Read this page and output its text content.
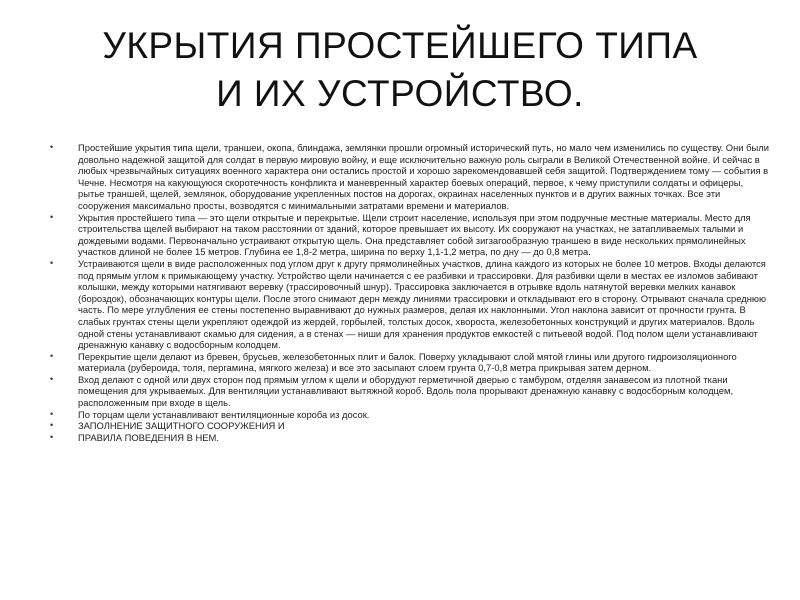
УКРЫТИЯ ПРОСТЕЙШЕГО ТИПА
И ИХ УСТРОЙСТВО.
•	Простейшие укрытия типа щели, траншеи, окопа, блиндажа, землянки прошли огромный исторический путь, но мало чем изменились по существу. Они были довольно надежной защитой для солдат в первую мировую войну, и еще исключительно важную роль сыграли в Великой Отечественной войне. И сейчас в любых чрезвычайных ситуациях военного характера они остались простой и хорошо зарекомендовавшей себя защитой. Подтверждением тому — события в Чечне. Несмотря на какующуюся скоротечность конфликта и маневренный характер боевых операций, первое, к чему приступили солдаты и офицеры, рытье траншей, щелей, землянок, оборудование укрепленных постов на дорогах, окраинах населенных пунктов и в других важных точках. Все эти сооружения максимально просты, возводятся с минимальными затратами времени и материалов.
•	Укрытия простейшего типа — это щели открытые и перекрытые. Щели строит население, используя при этом подручные местные материалы. Место для строительства щелей выбирают на таком расстоянии от зданий, которое превышает их высоту. Их сооружают на участках, не затапливаемых талыми и дождевыми водами. Первоначально устраивают открытую щель. Она представляет собой зигзагообразную траншею в виде нескольких прямолинейных участков длиной не более 15 метров. Глубина ее 1,8-2 метра, ширина по верху 1,1-1,2 метра, по дну — до 0,8 метра.
•	Устраиваются щели в виде расположенных под углом друг к другу прямолинейных участков, длина каждого из которых не более 10 метров. Входы делаются под прямым углом к примыкающему участку. Устройство щели начинается с ее разбивки и трассировки. Для разбивки щели в местах ее изломов забивают колышки, между которыми натягивают веревку (трассировочный шнур). Трассировка заключается в отрывке вдоль натянутой веревки мелких канавок (бороздок), обозначающих контуры щели. После этого снимают дерн между линиями трассировки и откладывают его в сторону. Отрывают сначала среднюю часть. По мере углубления ее стены постепенно выравнивают до нужных размеров, делая их наклонными. Угол наклона зависит от прочности грунта. В слабых грунтах стены щели укрепляют одеждой из жердей, горбылей, толстых досок, хвороста, железобетонных конструкций и других материалов. Вдоль одной стены устанавливают скамью для сидения, а в стенах — ниши для хранения продуктов емкостей с питьевой водой. Под полом щели устанавливают дренажную канавку с водосборным колодцем.
•	Перекрытие щели делают из бревен, брусьев, железобетонных плит и балок. Поверху укладывают слой мятой глины или другого гидроизоляционного материала (рубероида, толя, пергамина, мягкого железа) и все это засыпают слоем грунта 0,7-0,8 метра прикрывая затем дерном.
•	Вход делают с одной или двух сторон под прямым углом к щели и оборудуют герметичной дверью с тамбуром, отделяя занавесом из плотной ткани помещения для укрываемых. Для вентиляции устанавливают вытяжной короб. Вдоль пола прорывают дренажную канавку с водосборным колодцем, расположенным при входе в щель.
•	По торцам щели устанавливают вентиляционные короба из досок.
•	ЗАПОЛНЕНИЕ ЗАЩИТНОГО СООРУЖЕНИЯ И
•	ПРАВИЛА ПОВЕДЕНИЯ В НЕМ.
